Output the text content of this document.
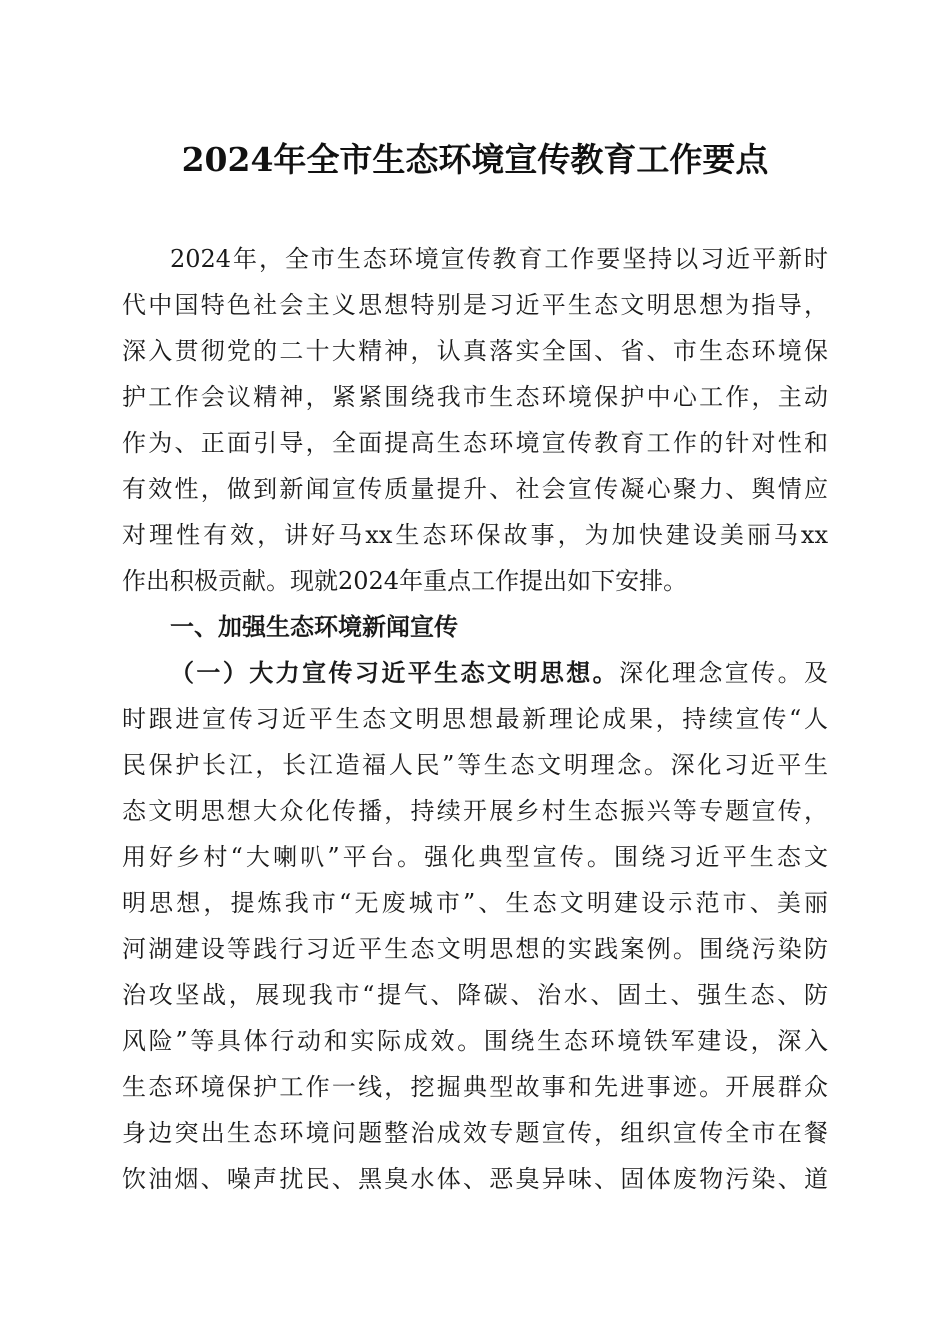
2024年全市生态环境宣传教育工作要点
2024年，全市生态环境宣传教育工作要坚持以习近平新时
代中国特色社会主义思想特别是习近平生态文明思想为指导，
深入贯彻党的二十大精神，认真落实全国、省、市生态环境保
护工作会议精神，紧紧围绕我市生态环境保护中心工作，主动
作为、正面引导，全面提高生态环境宣传教育工作的针对性和
有效性，做到新闻宣传质量提升、社会宣传凝心聚力、舆情应
对理性有效，讲好马xx生态环保故事，为加快建设美丽马xx
作出积极贡献。现就2024年重点工作提出如下安排。
一、加强生态环境新闻宣传
（一）大力宣传习近平生态文明思想。深化理念宣传。及
时跟进宣传习近平生态文明思想最新理论成果，持续宣传“人
民保护长江，长江造福人民”等生态文明理念。深化习近平生
态文明思想大众化传播，持续开展乡村生态振兴等专题宣传，
用好乡村“大喇叭”平台。强化典型宣传。围绕习近平生态文
明思想，提炼我市“无废城市”、生态文明建设示范市、美丽
河湖建设等践行习近平生态文明思想的实践案例。围绕污染防
治攻坚战，展现我市“提气、降碳、治水、固土、强生态、防
风险”等具体行动和实际成效。围绕生态环境铁军建设，深入
生态环境保护工作一线，挖掘典型故事和先进事迹。开展群众
身边突出生态环境问题整治成效专题宣传，组织宣传全市在餐
饮油烟、噪声扰民、黑臭水体、恶臭异味、固体废物污染、道
